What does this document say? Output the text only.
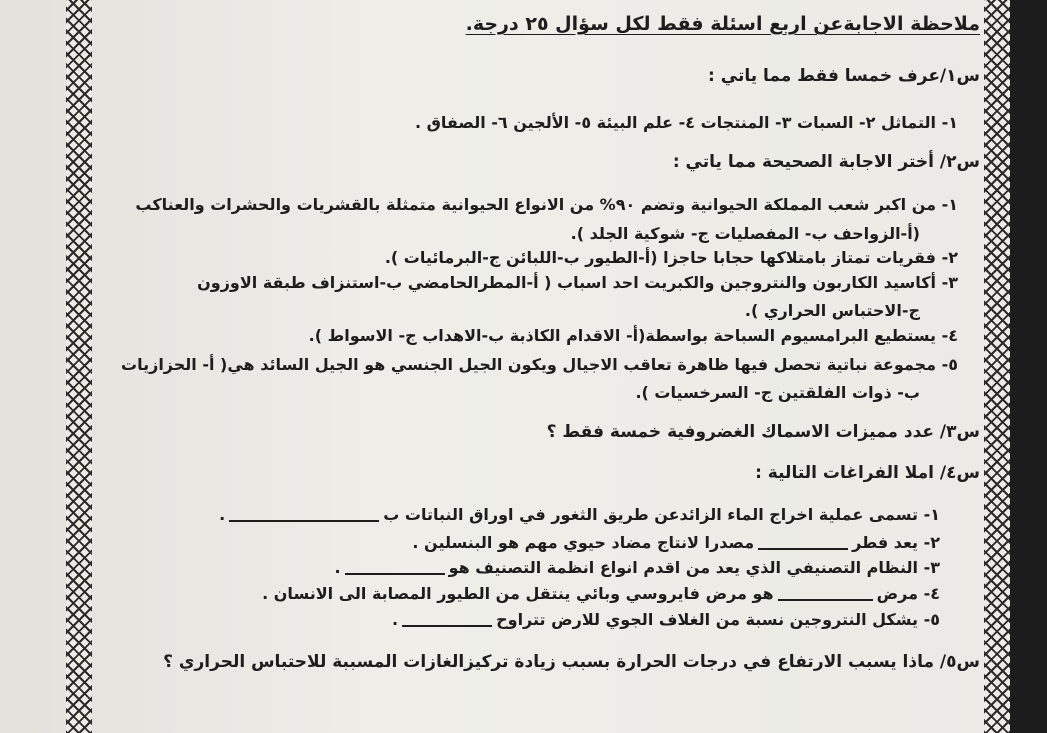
ملاحظة الاجابةعن اربع اسئلة فقط لكل سؤال ٢٥ درجة.
س١/عرف خمسا فقط مما ياتي :
١- التماثل ٢- السبات ٣- المنتجات ٤- علم البيئة ٥- الألجين ٦- الصفاق .
س٢/ أختر الاجابة الصحيحة مما ياتي :
١- من اكبر شعب المملكة الحيوانية وتضم ٩٠% من الانواع الحيوانية متمثلة بالقشريات والحشرات والعناكب
(أ-الزواحف ب- المفصليات ج- شوكية الجلد ).
٢- فقريات تمتاز بامتلاكها حجابا حاجزا (أ-الطيور ب-اللبائن ج-البرمائيات ).
٣- أكاسيد الكاربون والنتروجين والكبريت احد اسباب ( أ-المطرالحامضي ب-استنزاف طبقة الاوزون
ج-الاحتباس الحراري ).
٤- يستطيع البرامسيوم السباحة بواسطة(أ- الاقدام الكاذبة ب-الاهداب ج- الاسواط ).
٥- مجموعة نباتية تحصل فيها ظاهرة تعاقب الاجيال ويكون الجيل الجنسي هو الجيل السائد هي( أ- الحزازيات
ب- ذوات الفلقتين ج- السرخسيات ).
س٣/ عدد مميزات الاسماك الغضروفية خمسة فقط ؟
س٤/ املا الفراغات التالية :
١- تسمى عملية اخراج الماء الزائدعن طريق الثغور في اوراق النباتات ب.
٢- يعد فطرمصدرا لانتاج مضاد حيوي مهم هو البنسلين .
٣- النظام التصنيفي الذي يعد من اقدم انواع انظمة التصنيف هو.
٤- مرضهو مرض فايروسي وبائي ينتقل من الطيور المصابة الى الانسان .
٥- يشكل النتروجين نسبة من الغلاف الجوي للارض تتراوح.
س٥/ ماذا يسبب الارتفاع في درجات الحرارة بسبب زيادة تركيزالغازات المسببة للاحتباس الحراري ؟
